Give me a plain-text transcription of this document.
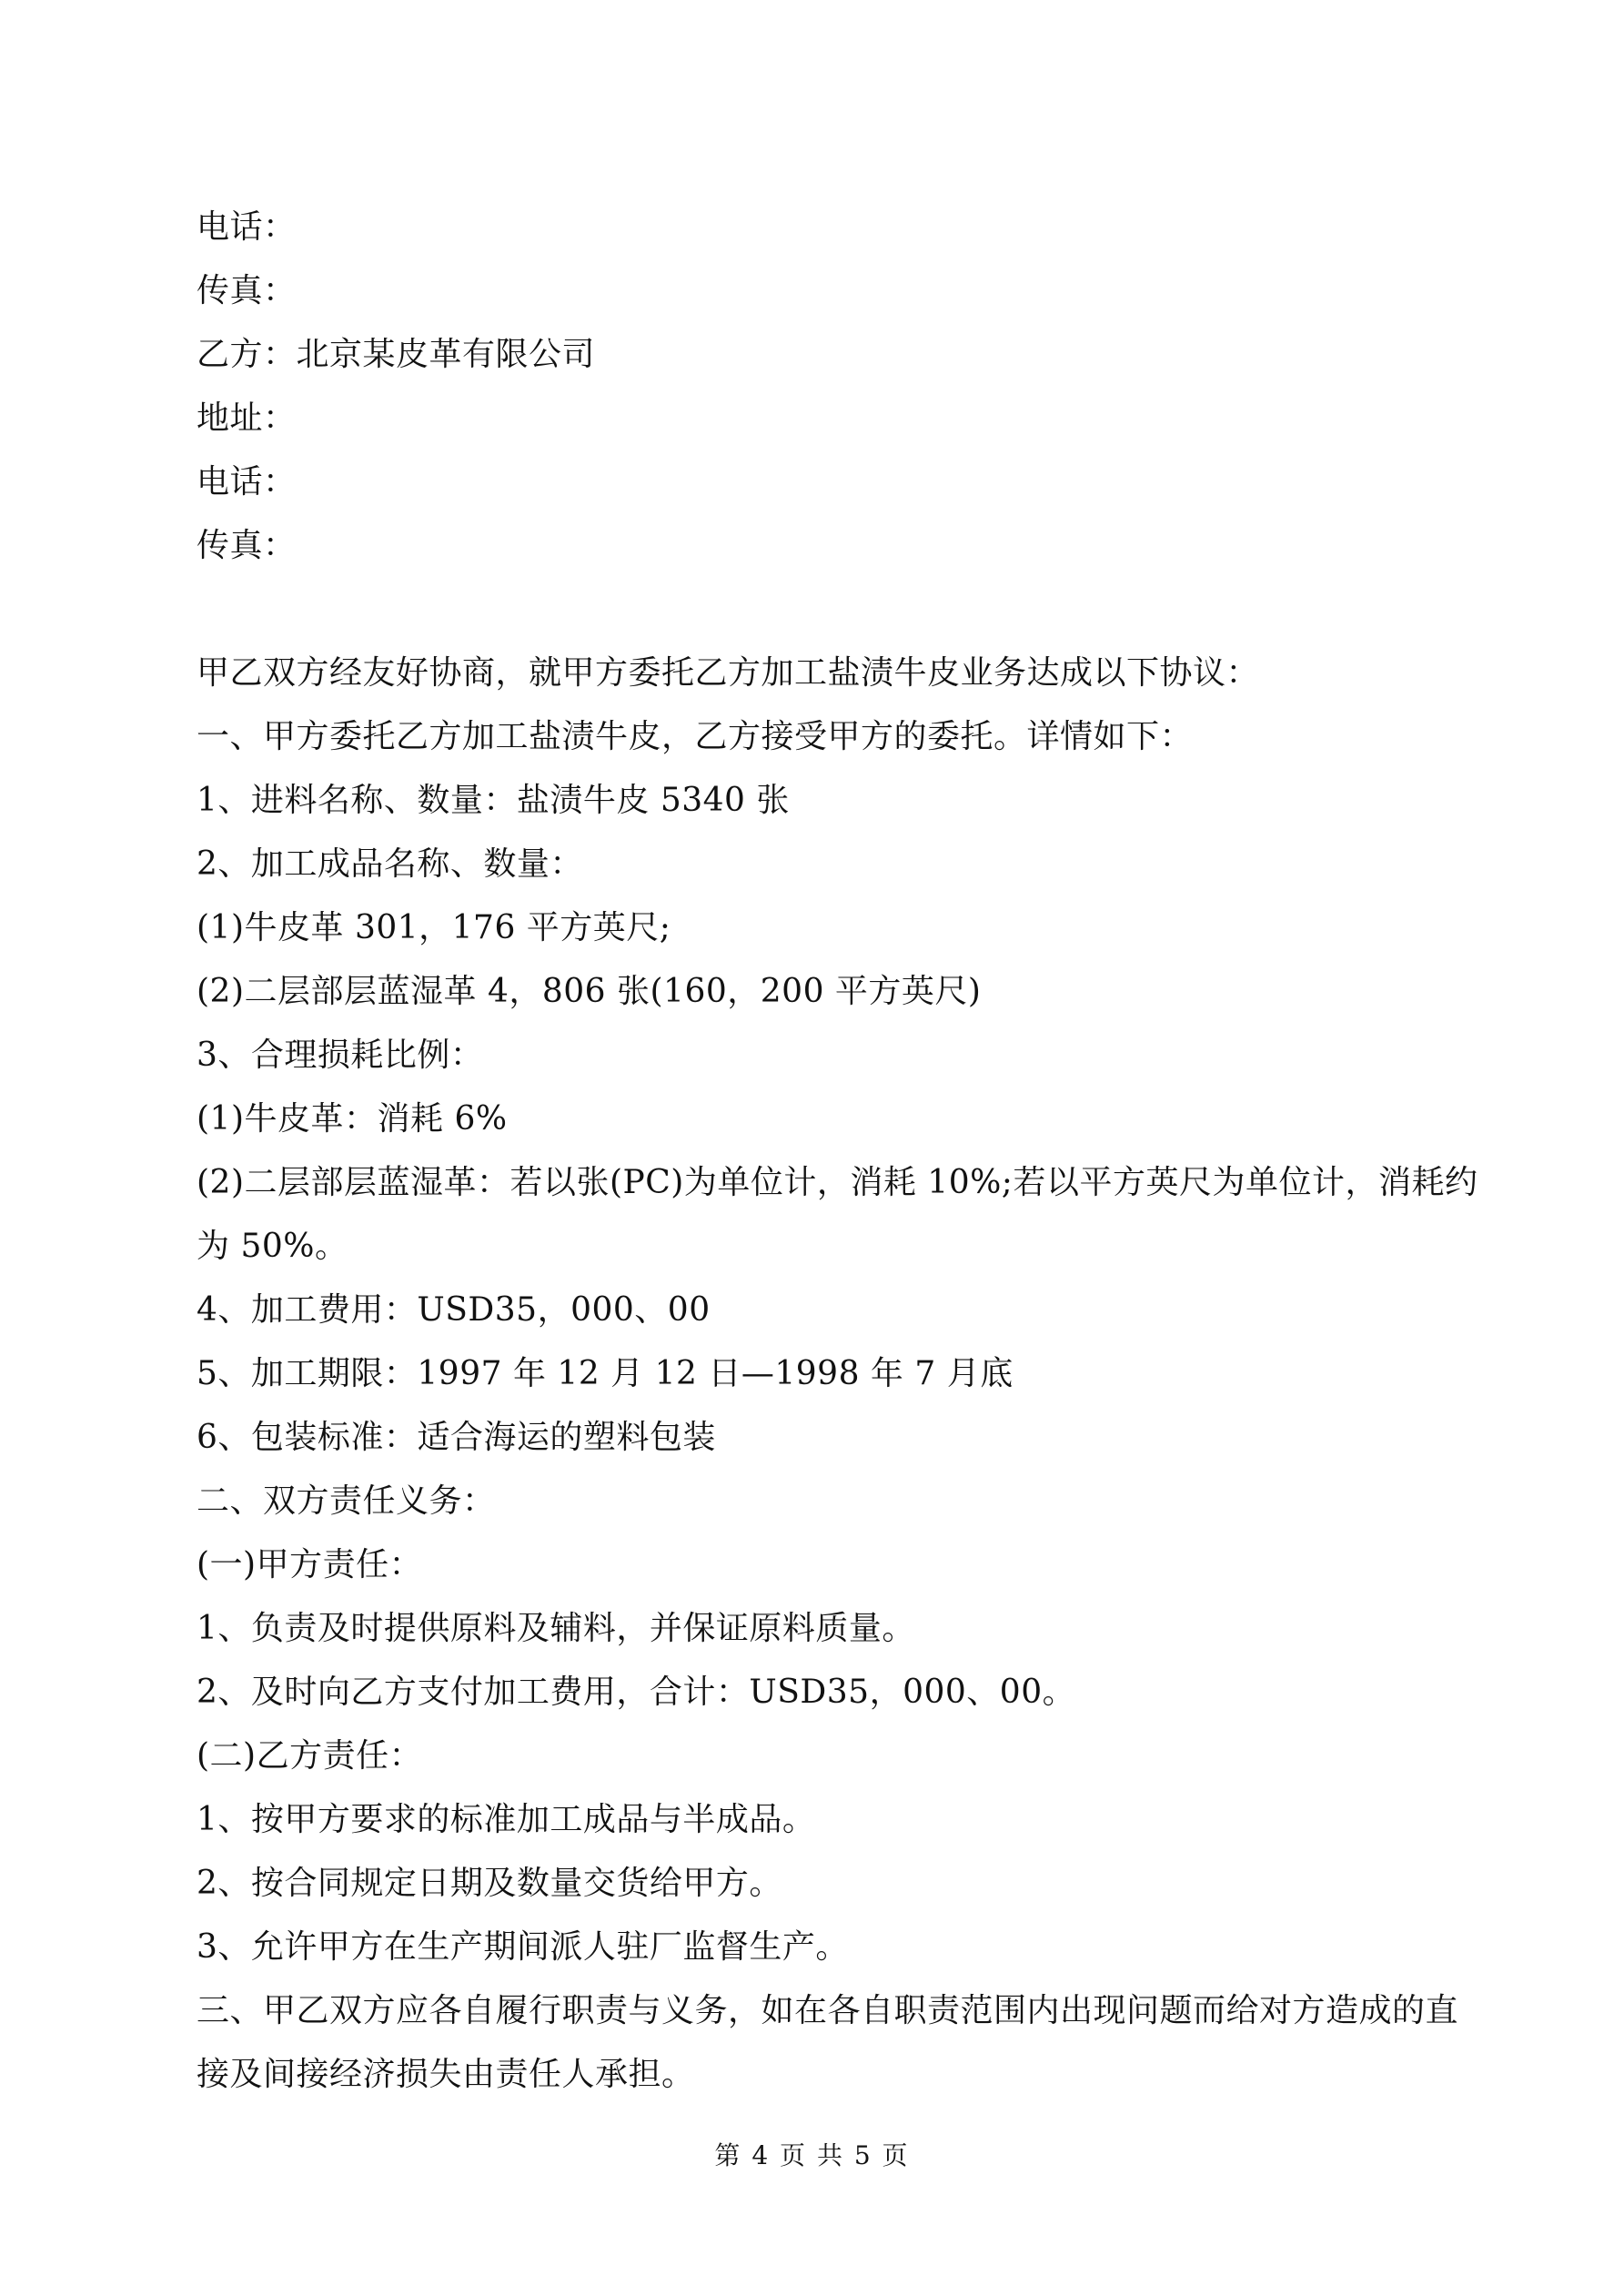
电话：
传真：
乙方：北京某皮革有限公司
地址：
电话：
传真：
甲乙双方经友好协商，就甲方委托乙方加工盐渍牛皮业务达成以下协议：
一、甲方委托乙方加工盐渍牛皮，乙方接受甲方的委托。详情如下：
1、进料名称、数量：盐渍牛皮 5340 张
2、加工成品名称、数量：
(1)牛皮革 301，176 平方英尺;
(2)二层部层蓝湿革 4，806 张(160，200 平方英尺)
3、合理损耗比例：
(1)牛皮革：消耗 6%
(2)二层部层蓝湿革：若以张(PC)为单位计，消耗 10%;若以平方英尺为单位计，消耗约
为 50%。
4、加工费用：USD35，000、00
5、加工期限：1997 年 12 月 12 日—1998 年 7 月底
6、包装标准：适合海运的塑料包装
二、双方责任义务：
(一)甲方责任：
1、负责及时提供原料及辅料，并保证原料质量。
2、及时向乙方支付加工费用，合计：USD35，000、00。
(二)乙方责任：
1、按甲方要求的标准加工成品与半成品。
2、按合同规定日期及数量交货给甲方。
3、允许甲方在生产期间派人驻厂监督生产。
三、甲乙双方应各自履行职责与义务，如在各自职责范围内出现问题而给对方造成的直
接及间接经济损失由责任人承担。
第 4 页 共 5 页
